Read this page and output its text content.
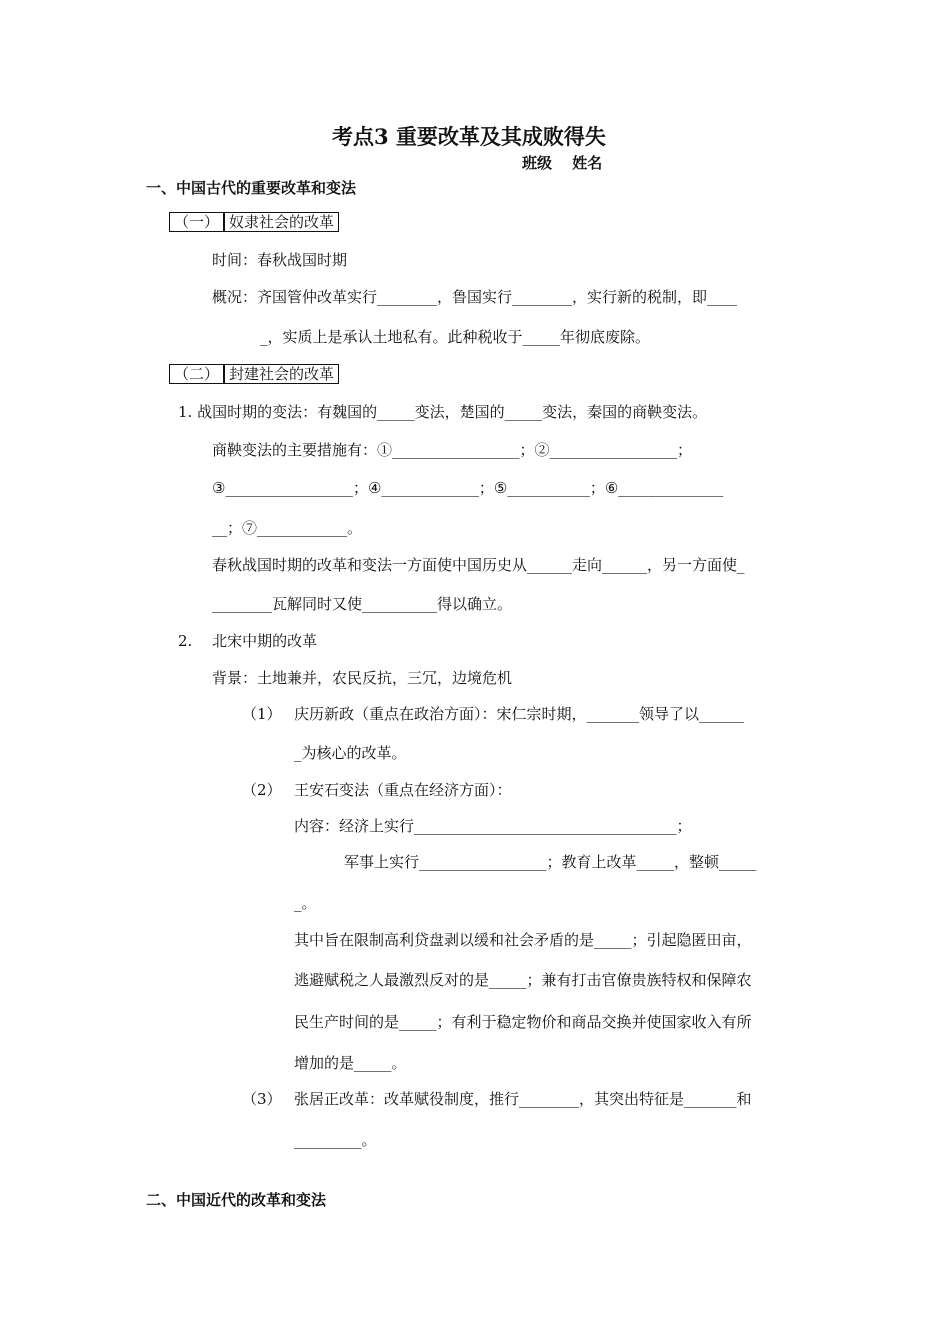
考点3 重要改革及其成败得失
班级　 姓名
一、中国古代的重要改革和变法
（一） 奴隶社会的改革
时间：春秋战国时期
概况：齐国管仲改革实行________，鲁国实行________，实行新的税制，即____
_，实质上是承认土地私有。此种税收于_____年彻底废除。
（二） 封建社会的改革
1. 战国时期的变法：有魏国的_____变法，楚国的_____变法，秦国的商鞅变法。
商鞅变法的主要措施有：①_________________；②_________________；
③_________________；④_____________；⑤___________；⑥______________
__；⑦____________。
春秋战国时期的改革和变法一方面使中国历史从______走向______，另一方面使_
________瓦解同时又使__________得以确立。
2.　 北宋中期的改革
背景：土地兼并，农民反抗，三冗，边境危机
（1） 庆历新政（重点在政治方面）：宋仁宗时期，_______领导了以______
_为核心的改革。
（2） 王安石变法（重点在经济方面）：
内容：经济上实行___________________________________；
军事上实行_________________；教育上改革_____，整顿_____
_。
其中旨在限制高利贷盘剥以缓和社会矛盾的是_____；引起隐匿田亩，
逃避赋税之人最激烈反对的是_____；兼有打击官僚贵族特权和保障农
民生产时间的是_____；有利于稳定物价和商品交换并使国家收入有所
增加的是_____。
（3） 张居正改革：改革赋役制度，推行________，其突出特征是_______和
_________。
二、中国近代的改革和变法
